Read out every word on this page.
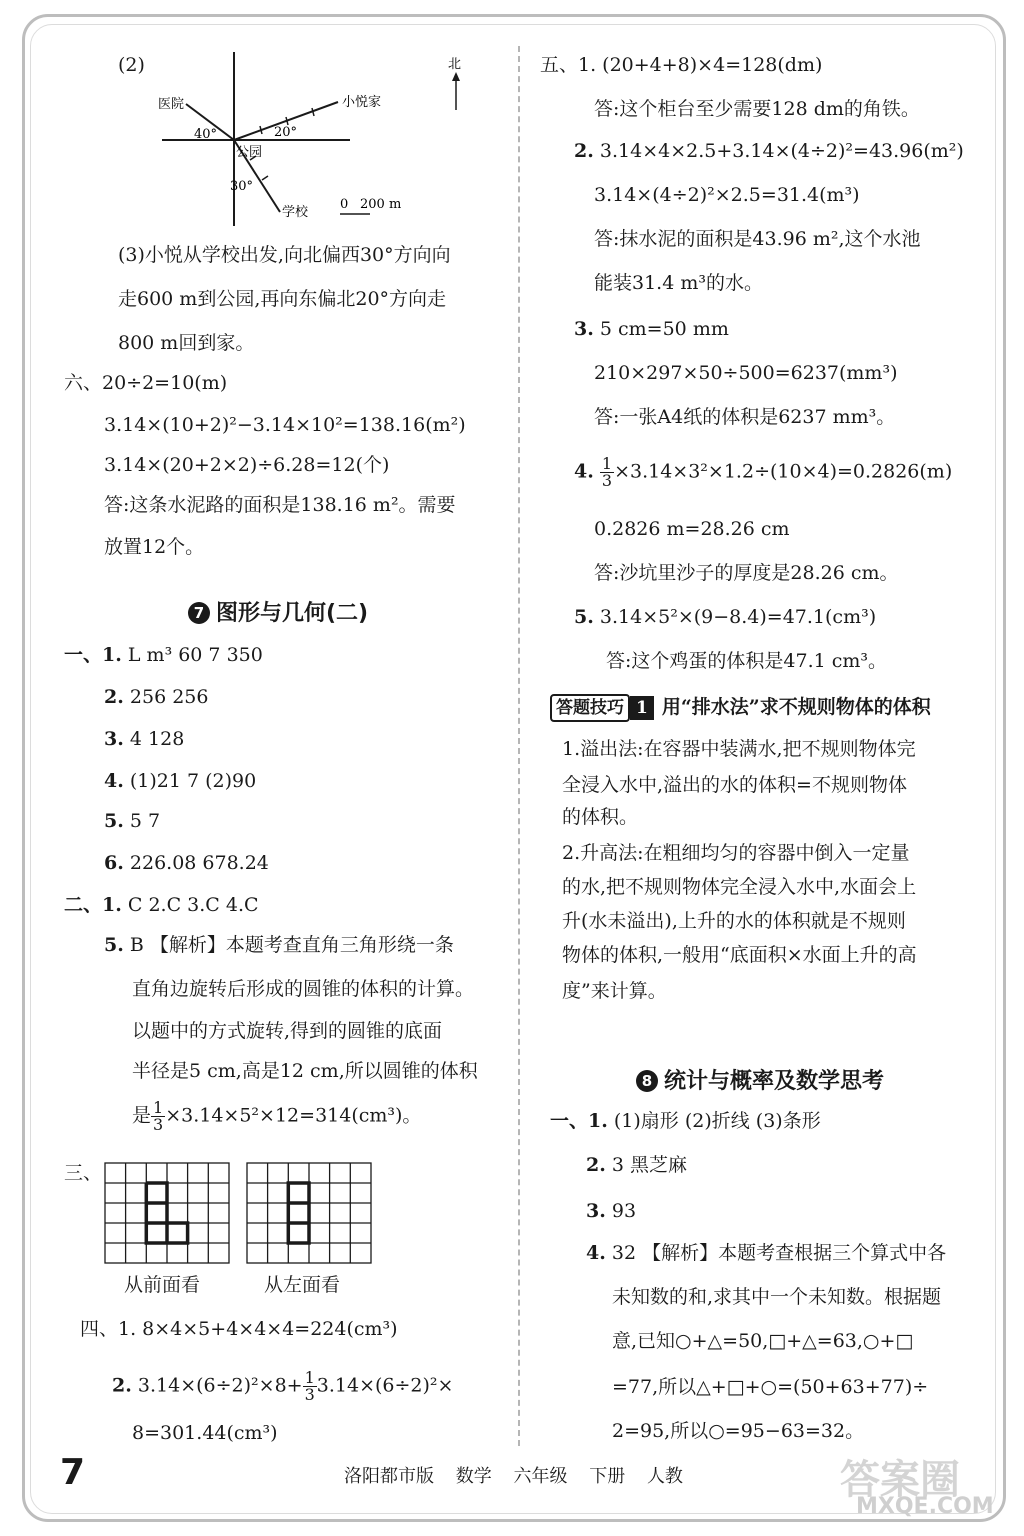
(2)
医院	小悦家
公园
学校
40°	20°
30°
0 200 m
北
(3)小悦从学校出发,向北偏西30°方向向
走600 m到公园,再向东偏北20°方向走
800 m回到家。
六、20÷2=10(m)
3.14×(10+2)²−3.14×10²=138.16(m²)
3.14×(20+2×2)÷6.28=12(个)
答:这条水泥路的面积是138.16 m²。需要
放置12个。
7 图形与几何(二)
一、1. L m³ 60 7 350
2. 256 256
3. 4 128
4. (1)21 7 (2)90
5. 5 7
6. 226.08 678.24
二、1. C 2.C 3.C 4.C
5. B 【解析】本题考查直角三角形绕一条
直角边旋转后形成的圆锥的体积的计算。
以题中的方式旋转,得到的圆锥的底面
半径是5 cm,高是12 cm,所以圆锥的体积
是 $\frac{1}{3} \times 3.14\times 5^2\times 12=314(cm^3)$。
三、
从前面看	从左面看
四、1. 8×4×5+4×4×4=224(cm³)
2. $3.14\times(6\div 2)^2\times 8+ \frac{1}{3} 3.14\times(6\div 2)^2\times$
8=301.44(cm³)
五、1. (20+4+8)×4=128(dm)
答:这个柜台至少需要128 dm的角铁。
2. 3.14×4×2.5+3.14×(4÷2)²=43.96(m²)
3.14×(4÷2)²×2.5=31.4(m³)
答:抹水泥的面积是43.96 m²,这个水池
能装31.4 m³的水。
3. 5 cm=50 mm
210×297×50÷500=6237(mm³)
答:一张A4纸的体积是6237 mm³。
4. $\frac{1}{3} \times 3.14\times 3^2\times 1.2\div(10\times 4)=0.2826(m)$
0.2826 m=28.26 cm
答:沙坑里沙子的厚度是28.26 cm。
5. 3.14×5²×(9−8.4)=47.1(cm³)
答:这个鸡蛋的体积是47.1 cm³。
答题技巧 1 用“排水法”求不规则物体的体积
1.溢出法:在容器中装满水,把不规则物体完
全浸入水中,溢出的水的体积=不规则物体
的体积。
2.升高法:在粗细均匀的容器中倒入一定量
的水,把不规则物体完全浸入水中,水面会上
升(水未溢出),上升的水的体积就是不规则
物体的体积,一般用“底面积×水面上升的高
度”来计算。
8 统计与概率及数学思考
一、1. (1)扇形 (2)折线 (3)条形
2. 3 黑芝麻
3. 93
4. 32 【解析】本题考查根据三个算式中各
未知数的和,求其中一个未知数。根据题
意,已知○+△=50,□+△=63,○+□
=77,所以△+□+○=(50+63+77)÷
2=95,所以○=95−63=32。
7	洛阳都市版 数学 六年级 下册 人教	答案圈
MXQE.COM
